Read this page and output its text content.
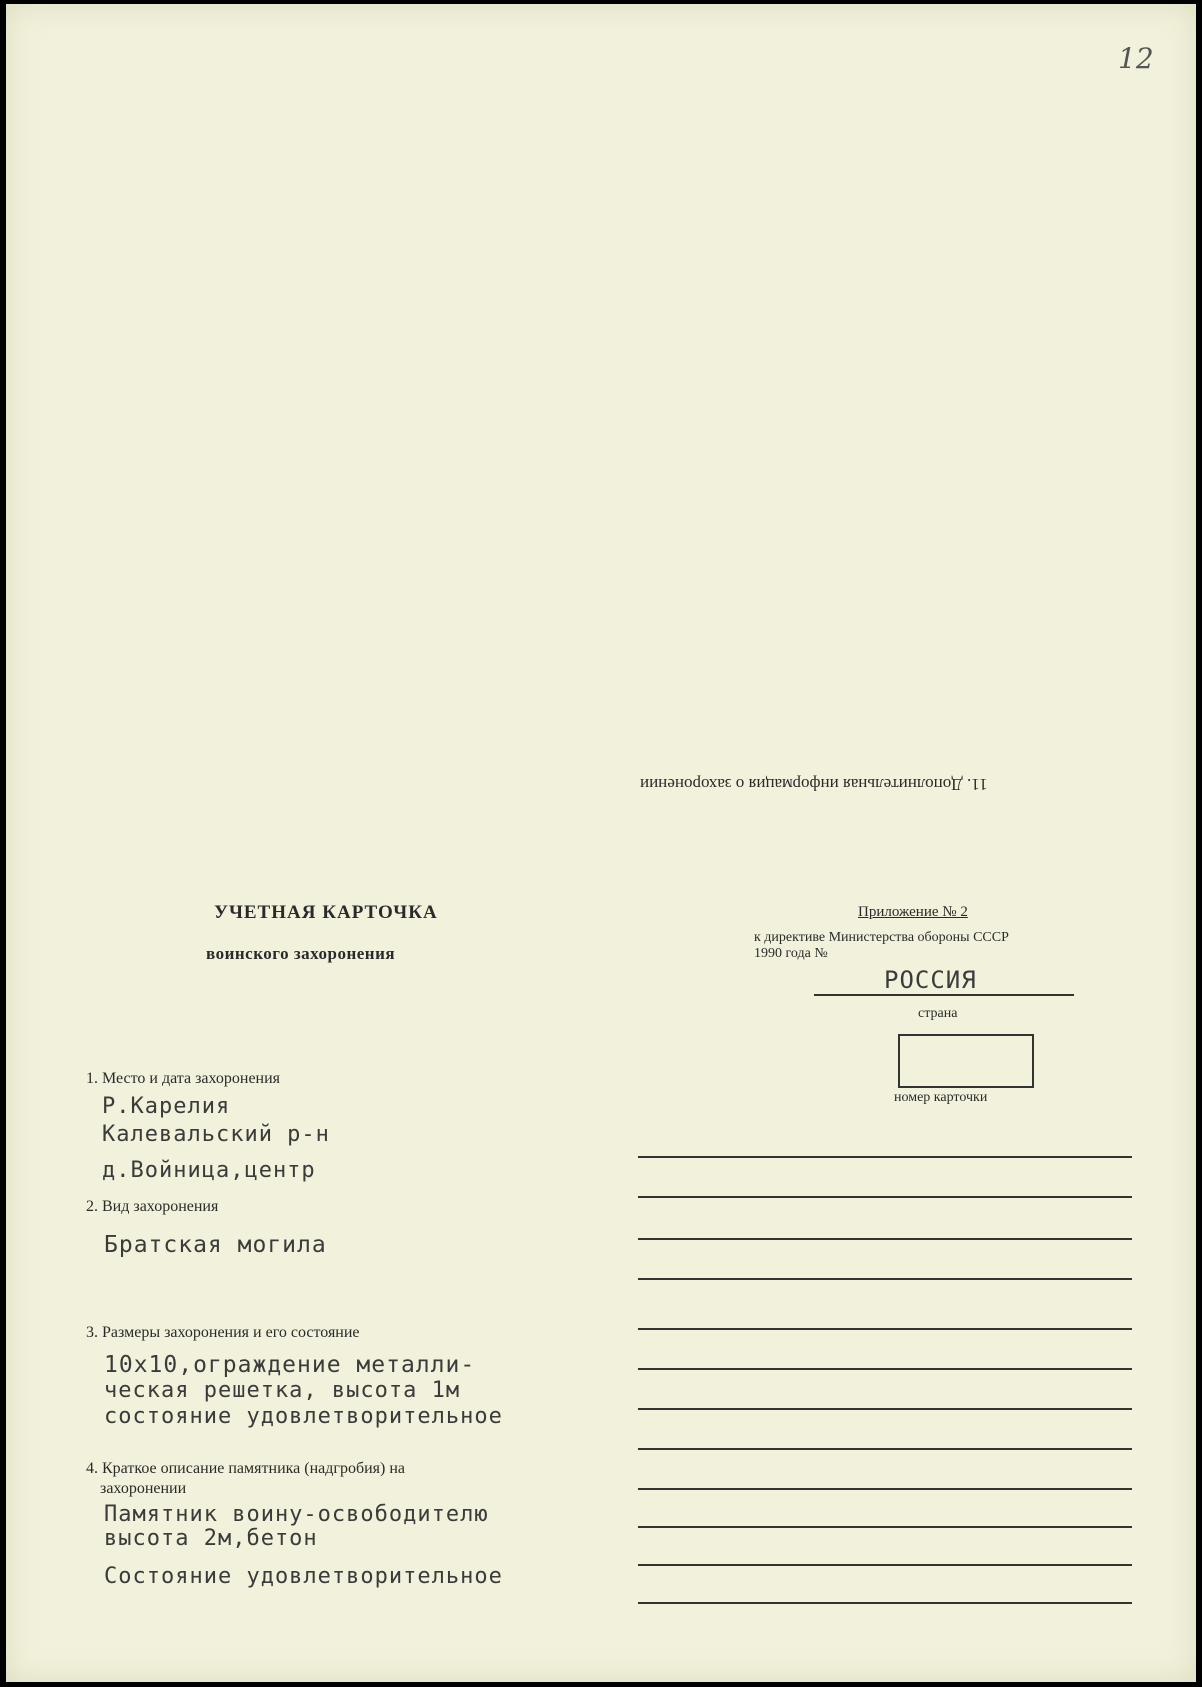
12
11. Дополнительная информация о захоронении
УЧЕТНАЯ КАРТОЧКА
воинского захоронения
Приложение № 2
к директиве Министерства обороны СССР
1990 года №
РОССИЯ
страна
номер карточки
1. Место и дата захоронения
Р.Карелия
Калевальский р-н
д.Войница,центр
2. Вид захоронения
Братская могила
3. Размеры захоронения и его состояние
10x10,ограждение металли-
ческая решетка, высота 1м
состояние удовлетворительное
4. Краткое описание памятника (надгробия) на
захоронении
Памятник воину-освободителю
высота 2м,бетон
Состояние удовлетворительное
